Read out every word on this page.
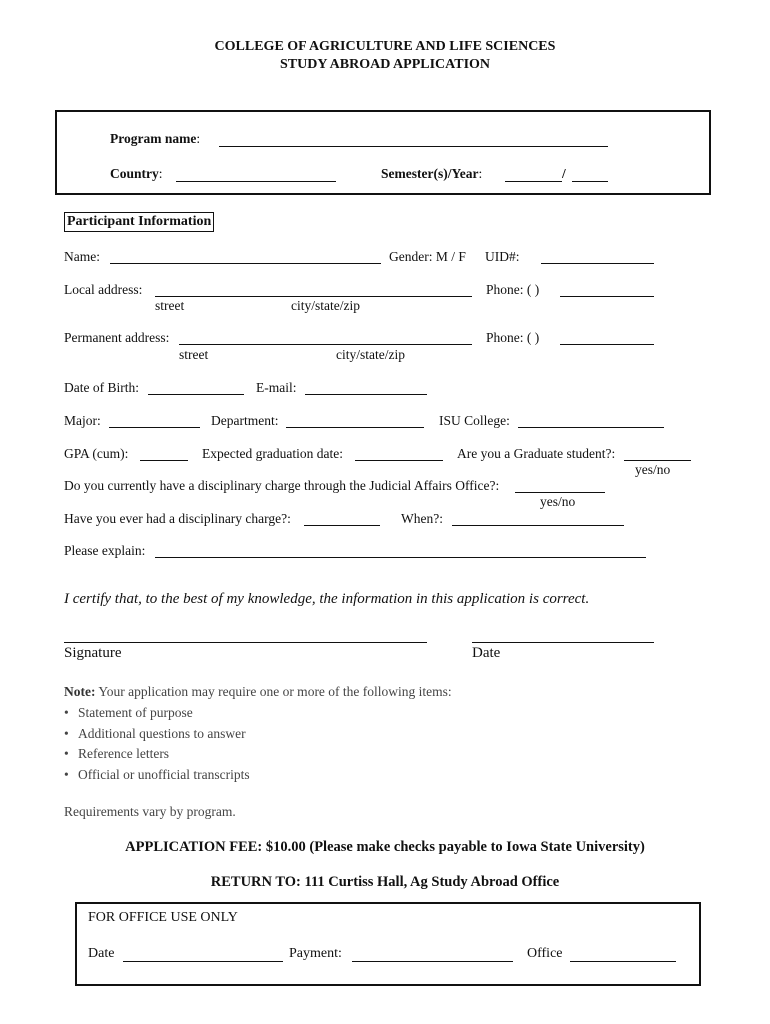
COLLEGE OF AGRICULTURE AND LIFE SCIENCES
STUDY ABROAD APPLICATION
Program name:
Country:	Semester(s)/Year:	/
Participant Information
Name:	Gender: M / F UID#:
Local address:	Phone: ( )
street	city/state/zip
Permanent address:	Phone: ( )
street	city/state/zip
Date of Birth:	E-mail:
Major:	Department:	ISU College:
GPA (cum):	Expected graduation date:	Are you a Graduate student?:
yes/no
Do you currently have a disciplinary charge through the Judicial Affairs Office?:
yes/no
Have you ever had a disciplinary charge?:	When?:
Please explain:
I certify that, to the best of my knowledge, the information in this application is correct.
Signature	Date
Note: Your application may require one or more of the following items:
• Statement of purpose
• Additional questions to answer
• Reference letters
• Official or unofficial transcripts
Requirements vary by program.
APPLICATION FEE: $10.00 (Please make checks payable to Iowa State University)
RETURN TO: 111 Curtiss Hall, Ag Study Abroad Office
FOR OFFICE USE ONLY
Date	Payment:	Office
